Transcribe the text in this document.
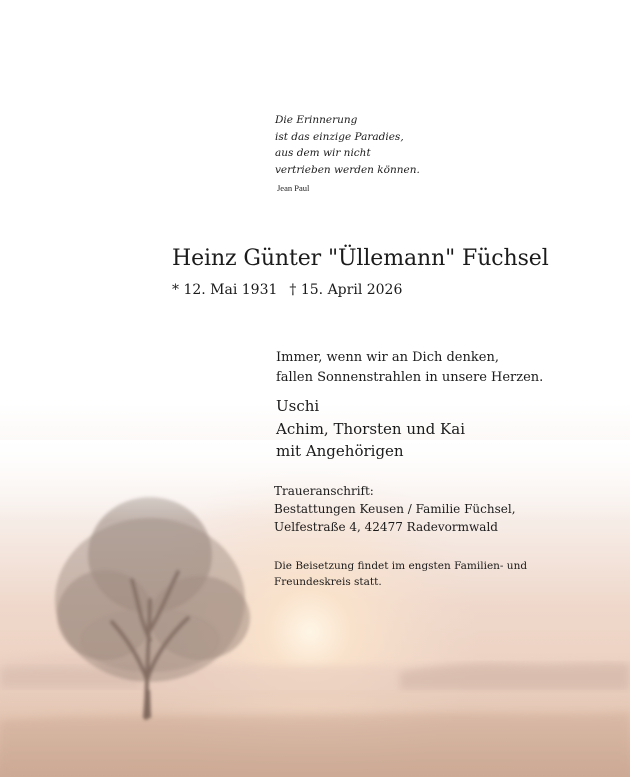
Die Erinnerung
ist das einzige Paradies,
aus dem wir nicht
vertrieben werden können.
Jean Paul
Heinz Günter "Üllemann" Füchsel
* 12. Mai 1931 † 15. April 2026
Immer, wenn wir an Dich denken,
fallen Sonnenstrahlen in unsere Herzen.
Uschi
Achim, Thorsten und Kai
mit Angehörigen
Traueranschrift:
Bestattungen Keusen / Familie Füchsel,
Uelfestraße 4, 42477 Radevormwald
Die Beisetzung findet im engsten Familien- und
Freundeskreis statt.
